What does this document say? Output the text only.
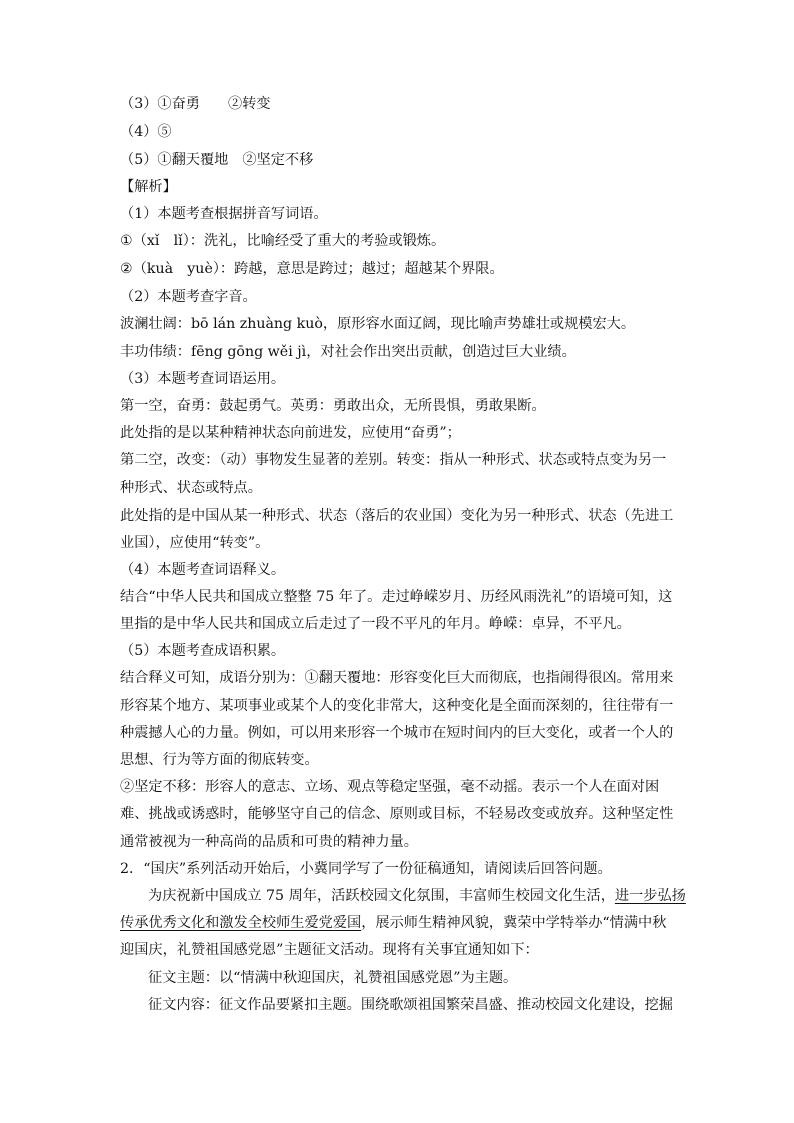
（3）①奋勇 ②转变
（4）⑤
（5）①翻天覆地 ②坚定不移
【解析】
（1）本题考查根据拼音写词语。
①（xǐ　lǐ）：洗礼，比喻经受了重大的考验或锻炼。
②（kuà　yuè）：跨越，意思是跨过；越过；超越某个界限。
（2）本题考查字音。
波澜壮阔：bō lán zhuàng kuò，原形容水面辽阔，现比喻声势雄壮或规模宏大。
丰功伟绩：fēng gōng wěi jì，对社会作出突出贡献，创造过巨大业绩。
（3）本题考查词语运用。
第一空，奋勇：鼓起勇气。英勇：勇敢出众，无所畏惧，勇敢果断。
此处指的是以某种精神状态向前进发，应使用“奋勇”；
第二空，改变：（动）事物发生显著的差别。转变：指从一种形式、状态或特点变为另一
种形式、状态或特点。
此处指的是中国从某一种形式、状态（落后的农业国）变化为另一种形式、状态（先进工
业国），应使用“转变”。
（4）本题考查词语释义。
结合“中华人民共和国成立整整 75 年了。走过峥嵘岁月、历经风雨洗礼”的语境可知，这
里指的是中华人民共和国成立后走过了一段不平凡的年月。峥嵘：卓异，不平凡。
（5）本题考查成语积累。
结合释义可知，成语分别为：①翻天覆地：形容变化巨大而彻底，也指闹得很凶。常用来
形容某个地方、某项事业或某个人的变化非常大，这种变化是全面而深刻的，往往带有一
种震撼人心的力量。例如，可以用来形容一个城市在短时间内的巨大变化，或者一个人的
思想、行为等方面的彻底转变。
②坚定不移：形容人的意志、立场、观点等稳定坚强，毫不动摇。表示一个人在面对困
难、挑战或诱惑时，能够坚守自己的信念、原则或目标，不轻易改变或放弃。这种坚定性
通常被视为一种高尚的品质和可贵的精神力量。
2．“国庆”系列活动开始后，小冀同学写了一份征稿通知，请阅读后回答问题。
为庆祝新中国成立 75 周年，活跃校园文化氛围，丰富师生校园文化生活，进一步弘扬
传承优秀文化和激发全校师生爱党爱国，展示师生精神风貌，冀荣中学特举办“情满中秋
迎国庆，礼赞祖国感党恩”主题征文活动。现将有关事宜通知如下：
征文主题：以“情满中秋迎国庆，礼赞祖国感党恩”为主题。
征文内容：征文作品要紧扣主题。围绕歌颂祖国繁荣昌盛、推动校园文化建设，挖掘
